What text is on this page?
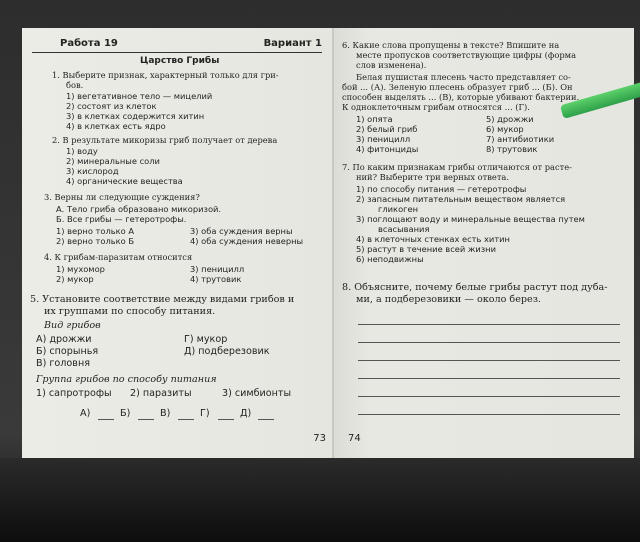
Работа 19	Вариант 1
Царство Грибы
1. Выберите признак, характерный только для гри-
бов.
1) вегетативное тело — мицелий
2) состоят из клеток
3) в клетках содержится хитин
4) в клетках есть ядро
2. В результате микоризы гриб получает от дерева
1) воду
2) минеральные соли
3) кислород
4) органические вещества
3. Верны ли следующие суждения?
А. Тело гриба образовано микоризой.
Б. Все грибы — гетеротрофы.
1) верно только А	3) оба суждения верны
2) верно только Б	4) оба суждения неверны
4. К грибам-паразитам относится
1) мухомор	3) пеницилл
2) мукор	4) трутовик
5. Установите соответствие между видами грибов и
их группами по способу питания.
Вид грибов
А) дрожжи	Г) мукор
Б) спорынья	Д) подберезовик
В) головня
Группа грибов по способу питания
1) сапротрофы 2) паразиты	3) симбионты
А)	Б)	В)	Г)	Д)
73
6. Какие слова пропущены в тексте? Впишите на
месте пропусков соответствующие цифры (форма
слов изменена).
Белая пушистая плесень часто представляет со-
бой ... (А). Зеленую плесень образует гриб ... (Б). Он
способен выделять ... (В), которые убивают бактерии.
К одноклеточным грибам относятся ... (Г).
1) опята	5) дрожжи
2) белый гриб	6) мукор
3) пеницилл	7) антибиотики
4) фитонциды	8) трутовик
7. По каким признакам грибы отличаются от расте-
ний? Выберите три верных ответа.
1) по способу питания — гетеротрофы
2) запасным питательным веществом является
гликоген
3) поглощают воду и минеральные вещества путем
всасывания
4) в клеточных стенках есть хитин
5) растут в течение всей жизни
6) неподвижны
8. Объясните, почему белые грибы растут под дуба-
ми, а подберезовики — около берез.
74
